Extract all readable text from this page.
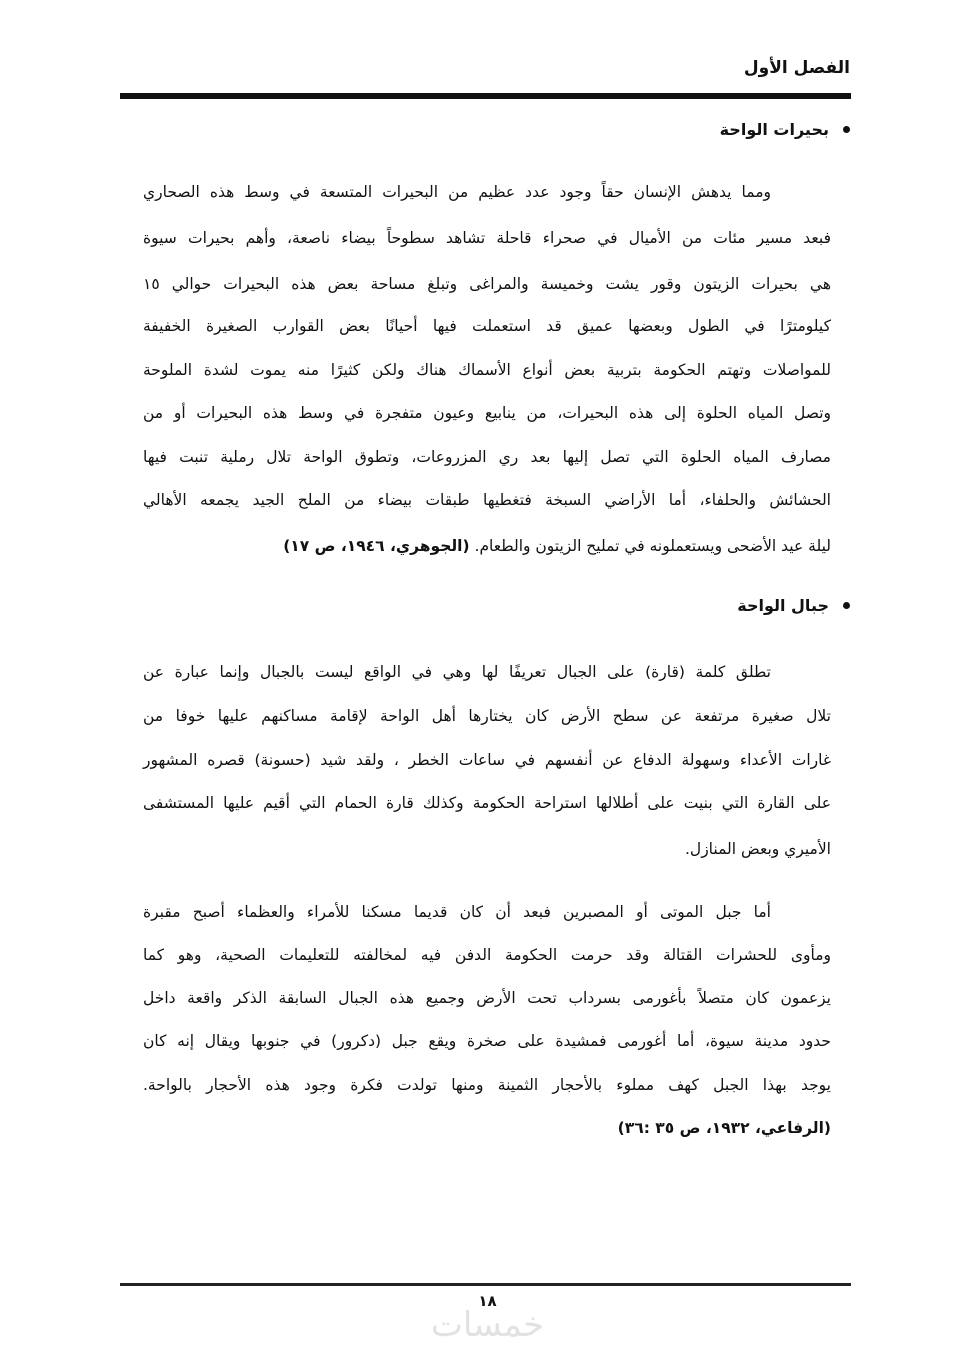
الفصل الأول
بحيرات الواحة
ومما يدهش الإنسان حقاً وجود عدد عظيم من البحيرات المتسعة في وسط هذه الصحاري
فبعد مسير مئات من الأميال في صحراء قاحلة تشاهد سطوحاً بيضاء ناصعة، وأهم بحيرات سيوة
هي بحيرات الزيتون وقور يشت وخميسة والمراغى وتبلغ مساحة بعض هذه البحيرات حوالي ١٥
كيلومترًا في الطول وبعضها عميق قد استعملت فيها أحيانًا بعض القوارب الصغيرة الخفيفة
للمواصلات وتهتم الحكومة بتربية بعض أنواع الأسماك هناك ولكن كثيرًا منه يموت لشدة الملوحة
وتصل المياه الحلوة إلى هذه البحيرات، من ينابيع وعيون متفجرة في وسط هذه البحيرات أو من
مصارف المياه الحلوة التي تصل إليها بعد ري المزروعات، وتطوق الواحة تلال رملية تنبت فيها
الحشائش والحلفاء، أما الأراضي السبخة فتغطيها طبقات بيضاء من الملح الجيد يجمعه الأهالي
ليلة عيد الأضحى ويستعملونه في تمليح الزيتون والطعام. (الجوهري، ١٩٤٦، ص ١٧)
جبال الواحة
تطلق كلمة (قارة) على الجبال تعريفًا لها وهي في الواقع ليست بالجبال وإنما عبارة عن
تلال صغيرة مرتفعة عن سطح الأرض كان يختارها أهل الواحة لإقامة مساكنهم عليها خوفا من
غارات الأعداء وسهولة الدفاع عن أنفسهم في ساعات الخطر ، ولقد شيد (حسونة) قصره المشهور
على القارة التي بنيت على أطلالها استراحة الحكومة وكذلك قارة الحمام التي أقيم عليها المستشفى
الأميري وبعض المنازل.
أما جبل الموتى أو المصبرين فبعد أن كان قديما مسكنا للأمراء والعظماء أصبح مقبرة
ومأوى للحشرات القتالة وقد حرمت الحكومة الدفن فيه لمخالفته للتعليمات الصحية، وهو كما
يزعمون كان متصلاً بأغورمى بسرداب تحت الأرض وجميع هذه الجبال السابقة الذكر واقعة داخل
حدود مدينة سيوة، أما أغورمى فمشيدة على صخرة ويقع جبل (دكرور) في جنوبها ويقال إنه كان
يوجد بهذا الجبل كهف مملوء بالأحجار الثمينة ومنها تولدت فكرة وجود هذه الأحجار بالواحة.
(الرفاعي، ١٩٣٢، ص ٣٥ :٣٦)
١٨
خمسات
